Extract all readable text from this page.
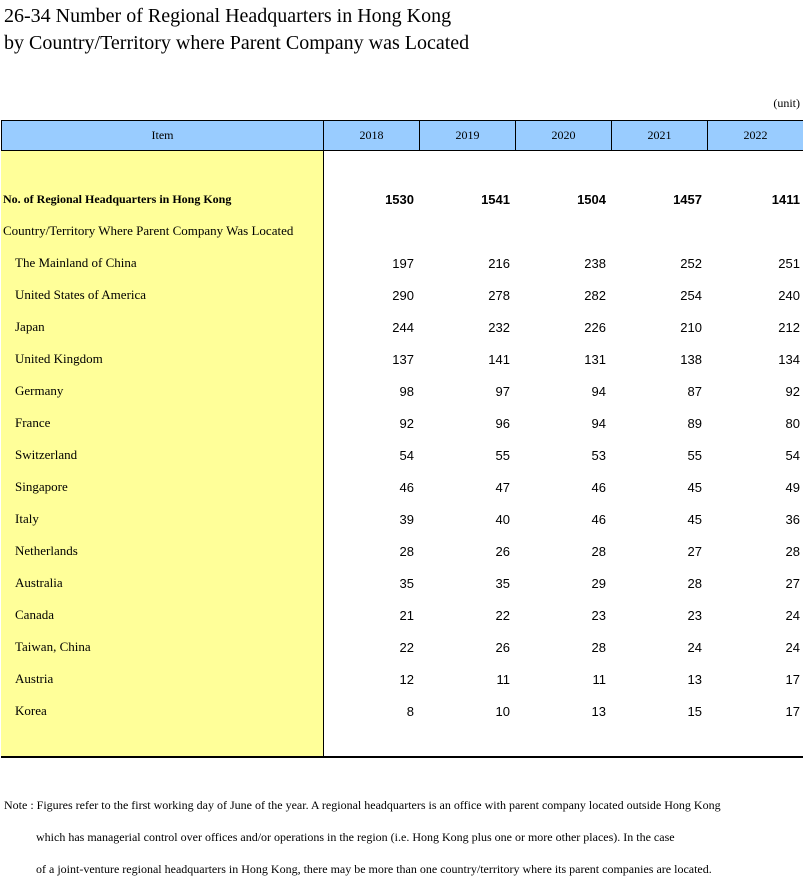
26-34 Number of Regional Headquarters in Hong Kong
by Country/Territory where Parent Company was Located
(unit)
Item	2018	2019	2020	2021	2022
No. of Regional Headquarters in Hong Kong	1530	1541	1504	1457	1411
Country/Territory Where Parent Company Was Located
The Mainland of China	197	216	238	252	251
United States of America	290	278	282	254	240
Japan	244	232	226	210	212
United Kingdom	137	141	131	138	134
Germany	98	97	94	87	92
France	92	96	94	89	80
Switzerland	54	55	53	55	54
Singapore	46	47	46	45	49
Italy	39	40	46	45	36
Netherlands	28	26	28	27	28
Australia	35	35	29	28	27
Canada	21	22	23	23	24
Taiwan, China	22	26	28	24	24
Austria	12	11	11	13	17
Korea	8	10	13	15	17
Note : Figures refer to the first working day of June of the year. A regional headquarters is an office with parent company located outside Hong Kong
which has managerial control over offices and/or operations in the region (i.e. Hong Kong plus one or more other places). In the case
of a joint-venture regional headquarters in Hong Kong, there may be more than one country/territory where its parent companies are located.
